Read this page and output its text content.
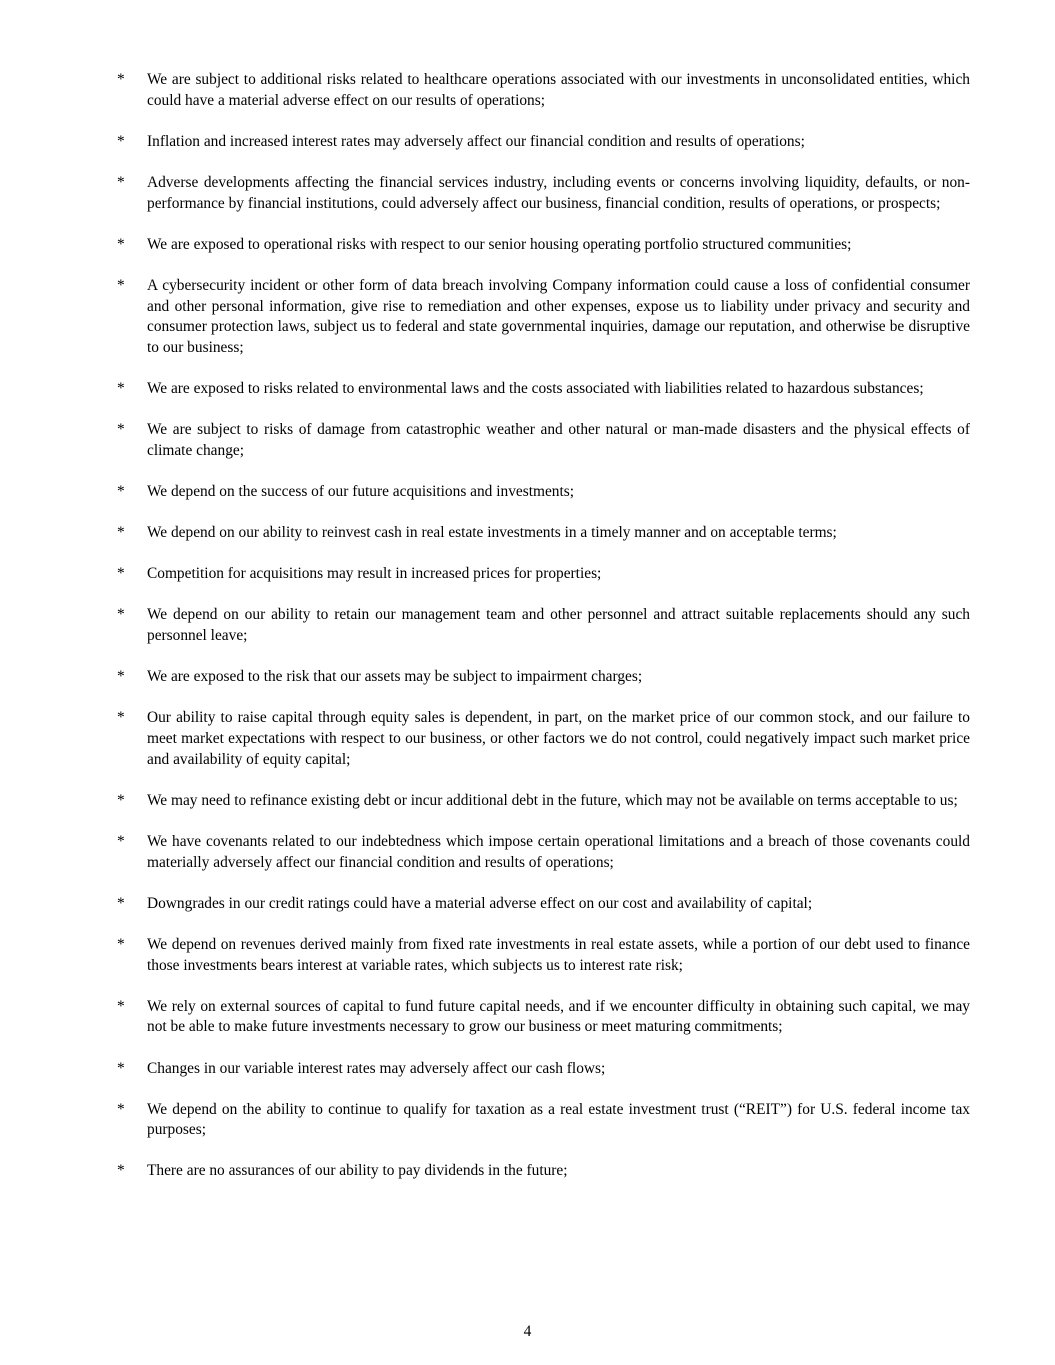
*	We are subject to additional risks related to healthcare operations associated with our investments in unconsolidated entities, which could have a material adverse effect on our results of operations;
*	Inflation and increased interest rates may adversely affect our financial condition and results of operations;
*	Adverse developments affecting the financial services industry, including events or concerns involving liquidity, defaults, or non-performance by financial institutions, could adversely affect our business, financial condition, results of operations, or prospects;
*	We are exposed to operational risks with respect to our senior housing operating portfolio structured communities;
*	A cybersecurity incident or other form of data breach involving Company information could cause a loss of confidential consumer and other personal information, give rise to remediation and other expenses, expose us to liability under privacy and security and consumer protection laws, subject us to federal and state governmental inquiries, damage our reputation, and otherwise be disruptive to our business;
*	We are exposed to risks related to environmental laws and the costs associated with liabilities related to hazardous substances;
*	We are subject to risks of damage from catastrophic weather and other natural or man-made disasters and the physical effects of climate change;
*	We depend on the success of our future acquisitions and investments;
*	We depend on our ability to reinvest cash in real estate investments in a timely manner and on acceptable terms;
*	Competition for acquisitions may result in increased prices for properties;
*	We depend on our ability to retain our management team and other personnel and attract suitable replacements should any such personnel leave;
*	We are exposed to the risk that our assets may be subject to impairment charges;
*	Our ability to raise capital through equity sales is dependent, in part, on the market price of our common stock, and our failure to meet market expectations with respect to our business, or other factors we do not control, could negatively impact such market price and availability of equity capital;
*	We may need to refinance existing debt or incur additional debt in the future, which may not be available on terms acceptable to us;
*	We have covenants related to our indebtedness which impose certain operational limitations and a breach of those covenants could materially adversely affect our financial condition and results of operations;
*	Downgrades in our credit ratings could have a material adverse effect on our cost and availability of capital;
*	We depend on revenues derived mainly from fixed rate investments in real estate assets, while a portion of our debt used to finance those investments bears interest at variable rates, which subjects us to interest rate risk;
*	We rely on external sources of capital to fund future capital needs, and if we encounter difficulty in obtaining such capital, we may not be able to make future investments necessary to grow our business or meet maturing commitments;
*	Changes in our variable interest rates may adversely affect our cash flows;
*	We depend on the ability to continue to qualify for taxation as a real estate investment trust (“REIT”) for U.S. federal income tax purposes;
*	There are no assurances of our ability to pay dividends in the future;
4
